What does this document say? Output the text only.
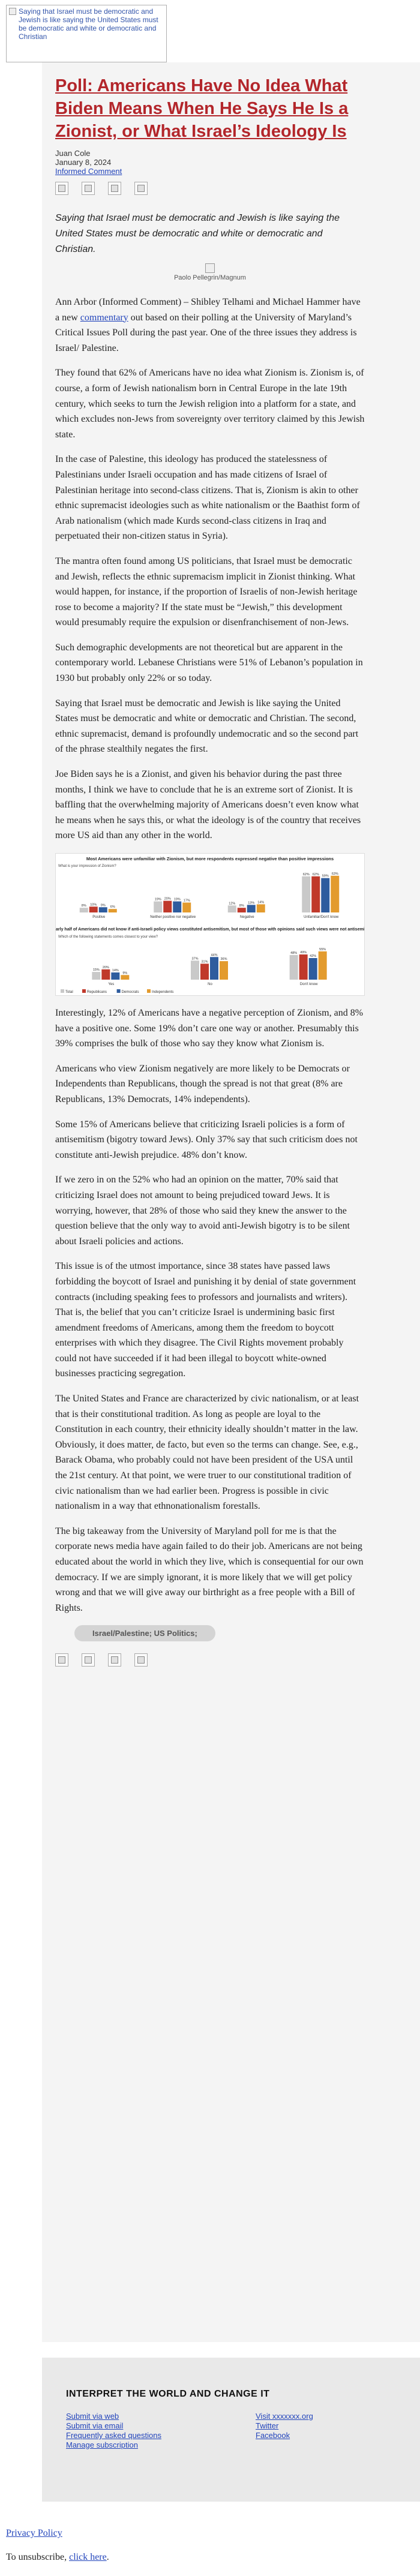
Saying that Israel must be democratic and Jewish is like saying the United States must be democratic and white or democratic and Christian
Poll: Americans Have No Idea What Biden Means When He Says He Is a Zionist, or What Israel’s Ideology Is
Juan Cole
January 8, 2024
Informed Comment

Saying that Israel must be democratic and Jewish is like saying the United States must be democratic and white or democratic and Christian.
Paolo Pellegrin/Magnum

Ann Arbor (Informed Comment) – Shibley Telhami and Michael Hammer have a new commentary out based on their polling at the University of Maryland’s Critical Issues Poll during the past year. One of the three issues they address is Israel/ Palestine.

They found that 62% of Americans have no idea what Zionism is. Zionism is, of course, a form of Jewish nationalism born in Central Europe in the late 19th century, which seeks to turn the Jewish religion into a platform for a state, and which excludes non-Jews from sovereignty over territory claimed by this Jewish state.

In the case of Palestine, this ideology has produced the statelessness of Palestinians under Israeli occupation and has made citizens of Israel of Palestinian heritage into second-class citizens. That is, Zionism is akin to other ethnic supremacist ideologies such as white nationalism or the Baathist form of Arab nationalism (which made Kurds second-class citizens in Iraq and perpetuated their non-citizen status in Syria).

The mantra often found among US politicians, that Israel must be democratic and Jewish, reflects the ethnic supremacism implicit in Zionist thinking. What would happen, for instance, if the proportion of Israelis of non-Jewish heritage rose to become a majority? If the state must be “Jewish,” this development would presumably require the expulsion or disenfranchisement of non-Jews.

Such demographic developments are not theoretical but are apparent in the contemporary world. Lebanese Christians were 51% of Lebanon’s population in 1930 but probably only 22% or so today.

Saying that Israel must be democratic and Jewish is like saying the United States must be democratic and white or democratic and Christian. The second, ethnic supremacist, demand is profoundly undemocratic and so the second part of the phrase stealthily negates the first.

Joe Biden says he is a Zionist, and given his behavior during the past three months, I think we have to conclude that he is an extreme sort of Zionist. It is baffling that the overwhelming majority of Americans doesn’t even know what he means when he says this, or what the ideology is of the country that receives more US aid than any other in the world.

Most Americans were unfamiliar with Zionism, but more respondents expressed negative than positive impressions
What is your impression of Zionism?
8% 10% 9% 6%
Positive
19% 20% 19% 17%
Neither positive nor negative
12%
8%
13% 14%
Negative
62% 62% 59%
63%
Unfamiliar/Don't know
Nearly half of Americans did not know if anti-Israeli policy views constituted antisemitism, but most of those with opinions said such views were not antisemitic
Which of the following statements comes closest to your view?
15%
20%
14%
9%
Yes
37%
31%
44%
36%
No
48% 49%
42%
55%
Don't know
Total	Republicans	Democrats	Independents

Interestingly, 12% of Americans have a negative perception of Zionism, and 8% have a positive one. Some 19% don’t care one way or another. Presumably this 39% comprises the bulk of those who say they know what Zionism is.

Americans who view Zionism negatively are more likely to be Democrats or Independents than Republicans, though the spread is not that great (8% are Republicans, 13% Democrats, 14% independents).

Some 15% of Americans believe that criticizing Israeli policies is a form of antisemitism (bigotry toward Jews). Only 37% say that such criticism does not constitute anti-Jewish prejudice. 48% don’t know.

If we zero in on the 52% who had an opinion on the matter, 70% said that criticizing Israel does not amount to being prejudiced toward Jews. It is worrying, however, that 28% of those who said they knew the answer to the question believe that the only way to avoid anti-Jewish bigotry is to be silent about Israeli policies and actions.

This issue is of the utmost importance, since 38 states have passed laws forbidding the boycott of Israel and punishing it by denial of state government contracts (including speaking fees to professors and journalists and writers). That is, the belief that you can’t criticize Israel is undermining basic first amendment freedoms of Americans, among them the freedom to boycott enterprises with which they disagree. The Civil Rights movement probably could not have succeeded if it had been illegal to boycott white-owned businesses practicing segregation.

The United States and France are characterized by civic nationalism, or at least that is their constitutional tradition. As long as people are loyal to the Constitution in each country, their ethnicity ideally shouldn’t matter in the law. Obviously, it does matter, de facto, but even so the terms can change. See, e.g., Barack Obama, who probably could not have been president of the USA until the 21st century. At that point, we were truer to our constitutional tradition of civic nationalism than we had earlier been. Progress is possible in civic nationalism in a way that ethnonationalism forestalls.

The big takeaway from the University of Maryland poll for me is that the corporate news media have again failed to do their job. Americans are not being educated about the world in which they live, which is consequential for our own democracy. If we are simply ignorant, it is more likely that we will get policy wrong and that we will give away our birthright as a free people with a Bill of Rights.

Israel/Palestine; US Politics;

INTERPRET THE WORLD AND CHANGE IT
Submit via web
Submit via email
Frequently asked questions
Manage subscription
Visit xxxxxxx.org
Twitter
Facebook
Privacy Policy
To unsubscribe, click here.
